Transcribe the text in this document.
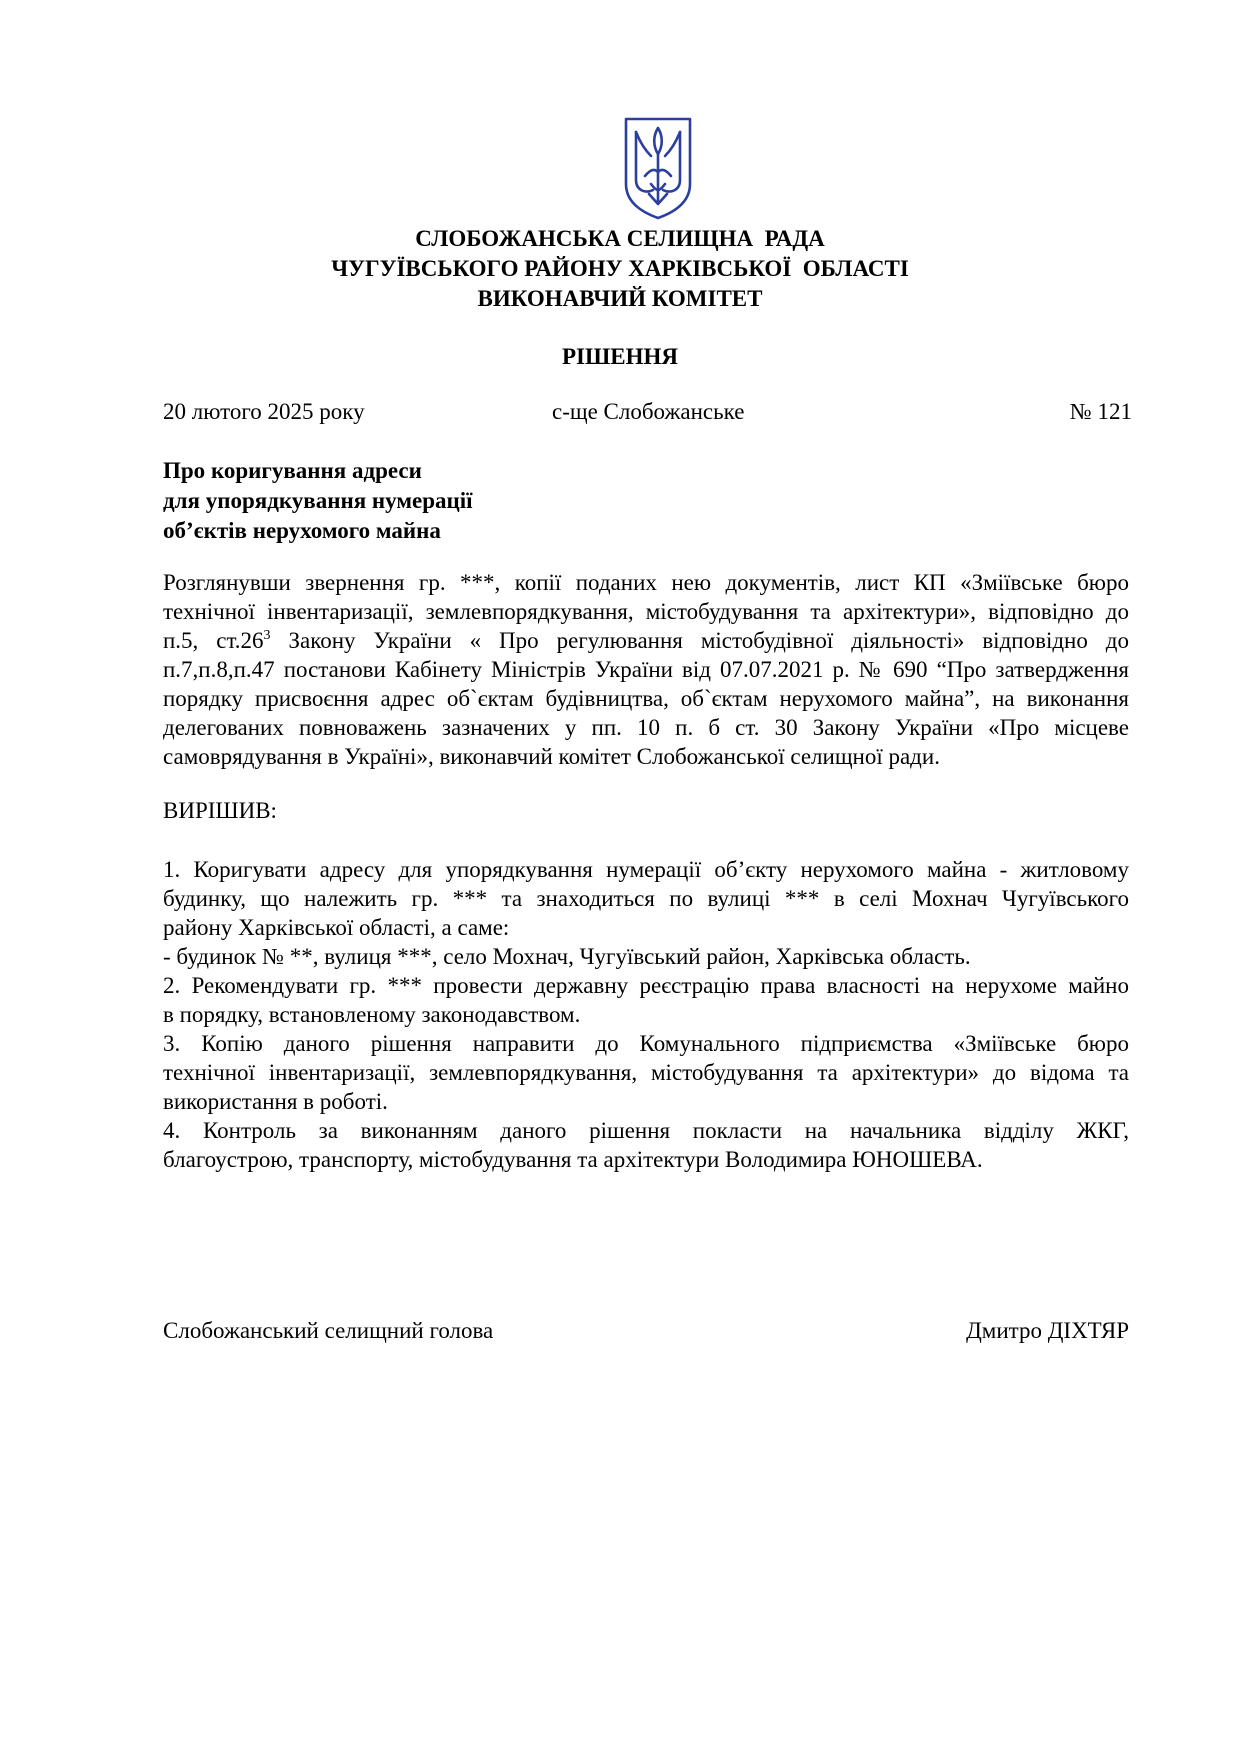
СЛОБОЖАНСЬКА СЕЛИЩНА  РАДА
ЧУГУЇВСЬКОГО РАЙОНУ ХАРКІВСЬКОЇ  ОБЛАСТІ
ВИКОНАВЧИЙ КОМІТЕТ
РІШЕННЯ
20 лютого 2025 року	с-ще Слобожанське	№ 121
Про коригування адреси
для упорядкування нумерації
об’єктів нерухомого майна
Розглянувши звернення гр. ***, копії поданих нею документів, лист КП «Зміївське бюро
технічної інвентаризації, землевпорядкування, містобудування та архітектури», відповідно до
п.5, $ст.26^3$ Закону України « Про регулювання містобудівної діяльності» відповідно до
п.7,п.8,п.47 постанови Кабінету Міністрів України від 07.07.2021 р. № 690 “Про затвердження
порядку присвоєння адрес об`єктам будівництва, об`єктам нерухомого майна”, на виконання
делегованих повноважень зазначених у пп. 10 п. б ст. 30 Закону України «Про місцеве
самоврядування в Україні», виконавчий комітет Слобожанської селищної ради.
ВИРІШИВ:
1. Коригувати адресу для упорядкування нумерації об’єкту нерухомого майна - житловому
будинку, що належить гр. *** та знаходиться по вулиці *** в селі Мохнач Чугуївського
району Харківської області, а саме:
- будинок № **, вулиця ***, село Мохнач, Чугуївський район, Харківська область.
2. Рекомендувати гр. *** провести державну реєстрацію права власності на нерухоме майно
в порядку, встановленому законодавством.
3. Копію даного рішення направити до Комунального підприємства «Зміївське бюро
технічної інвентаризації, землевпорядкування, містобудування та архітектури» до відома та
використання в роботі.
4. Контроль за виконанням даного рішення покласти на начальника відділу ЖКГ,
благоустрою, транспорту, містобудування та архітектури Володимира ЮНОШЕВА.
Слобожанський селищний голова	Дмитро ДІХТЯР
